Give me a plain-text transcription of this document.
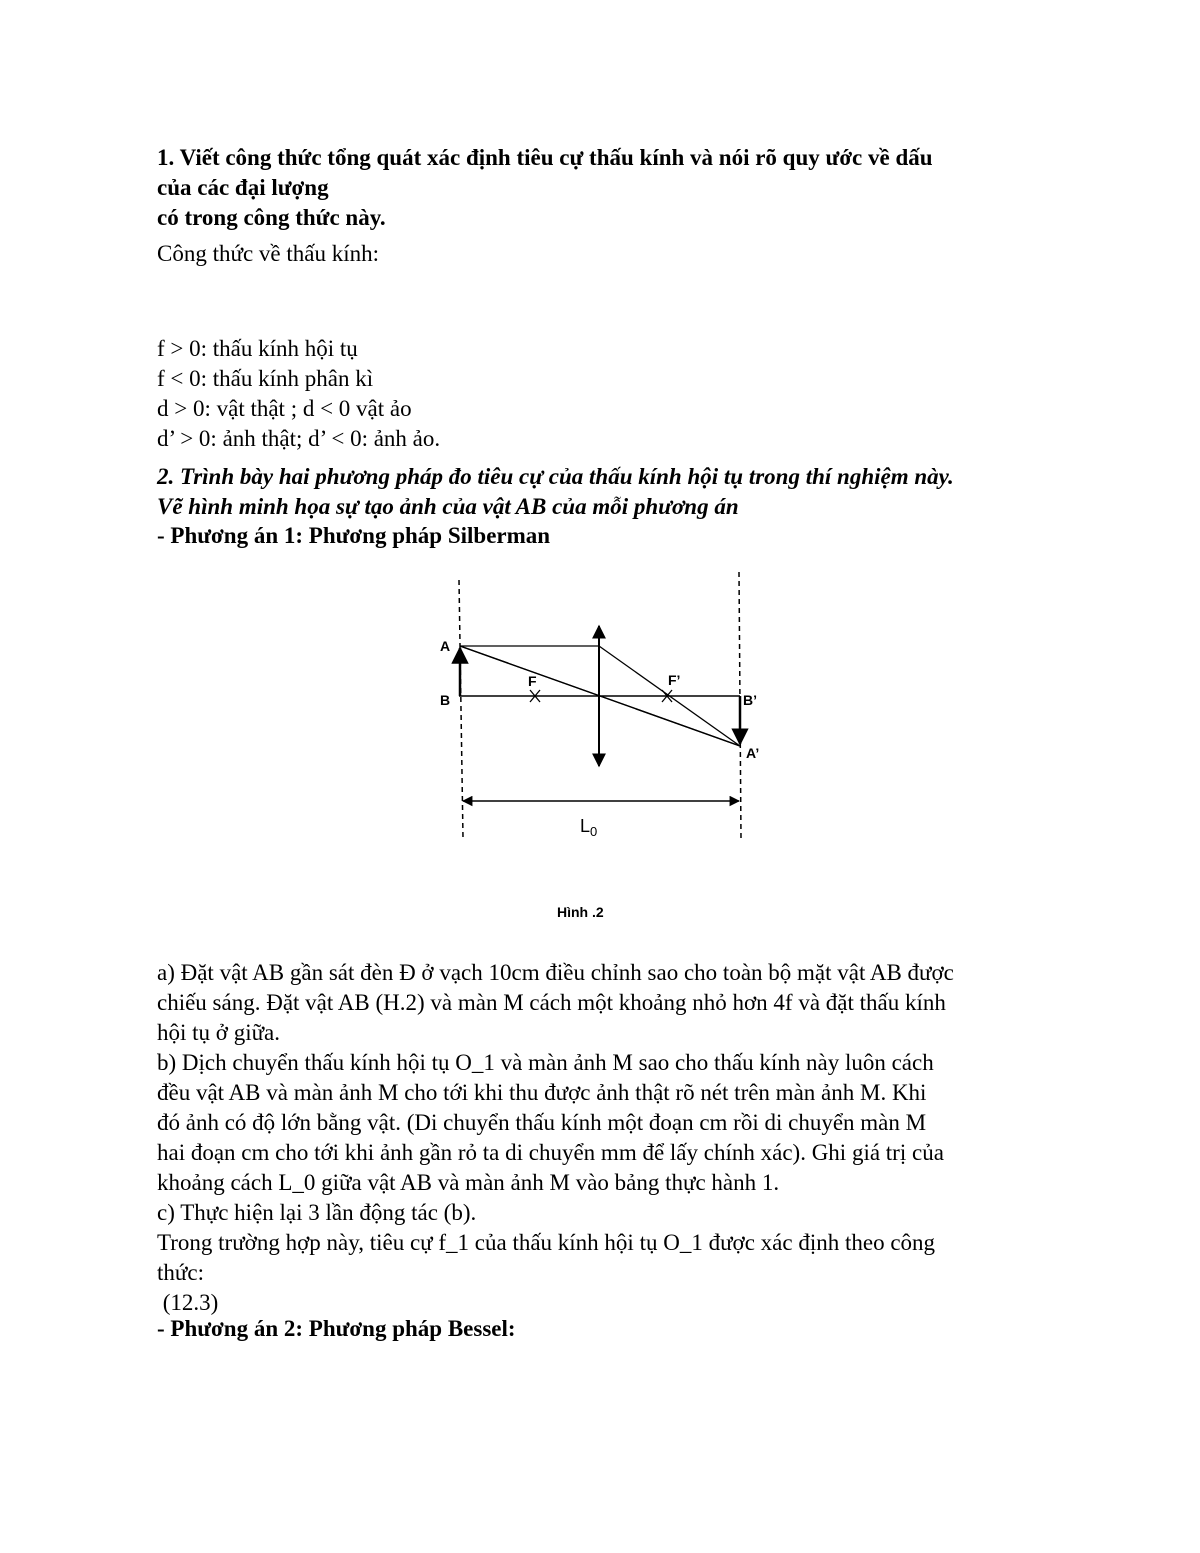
1. Viết công thức tổng quát xác định tiêu cự thấu kính và nói rõ quy ước về dấu
của các đại lượng
có trong công thức này.
Công thức về thấu kính:
f > 0: thấu kính hội tụ
f < 0: thấu kính phân kì
d > 0: vật thật ; d < 0 vật ảo
d’ > 0: ảnh thật; d’ < 0: ảnh ảo.
2. Trình bày hai phương pháp đo tiêu cự của thấu kính hội tụ trong thí nghiệm này.
Vẽ hình minh họa sự tạo ảnh của vật AB của mỗi phương án
- Phương án 1: Phương pháp Silberman
A
B
F	F’
B’
A’
$L_0$
Hình .2
a) Đặt vật AB gần sát đèn Đ ở vạch 10cm điều chỉnh sao cho toàn bộ mặt vật AB được
chiếu sáng. Đặt vật AB (H.2) và màn M cách một khoảng nhỏ hơn 4f và đặt thấu kính
hội tụ ở giữa.
b) Dịch chuyển thấu kính hội tụ O_1 và màn ảnh M sao cho thấu kính này luôn cách
đều vật AB và màn ảnh M cho tới khi thu được ảnh thật rõ nét trên màn ảnh M. Khi
đó ảnh có độ lớn bằng vật. (Di chuyển thấu kính một đoạn cm rồi di chuyển màn M
hai đoạn cm cho tới khi ảnh gần rỏ ta di chuyển mm để lấy chính xác). Ghi giá trị của
khoảng cách L_0 giữa vật AB và màn ảnh M vào bảng thực hành 1.
c) Thực hiện lại 3 lần động tác (b).
Trong trường hợp này, tiêu cự f_1 của thấu kính hội tụ O_1 được xác định theo công
thức:
(12.3)
- Phương án 2: Phương pháp Bessel:
